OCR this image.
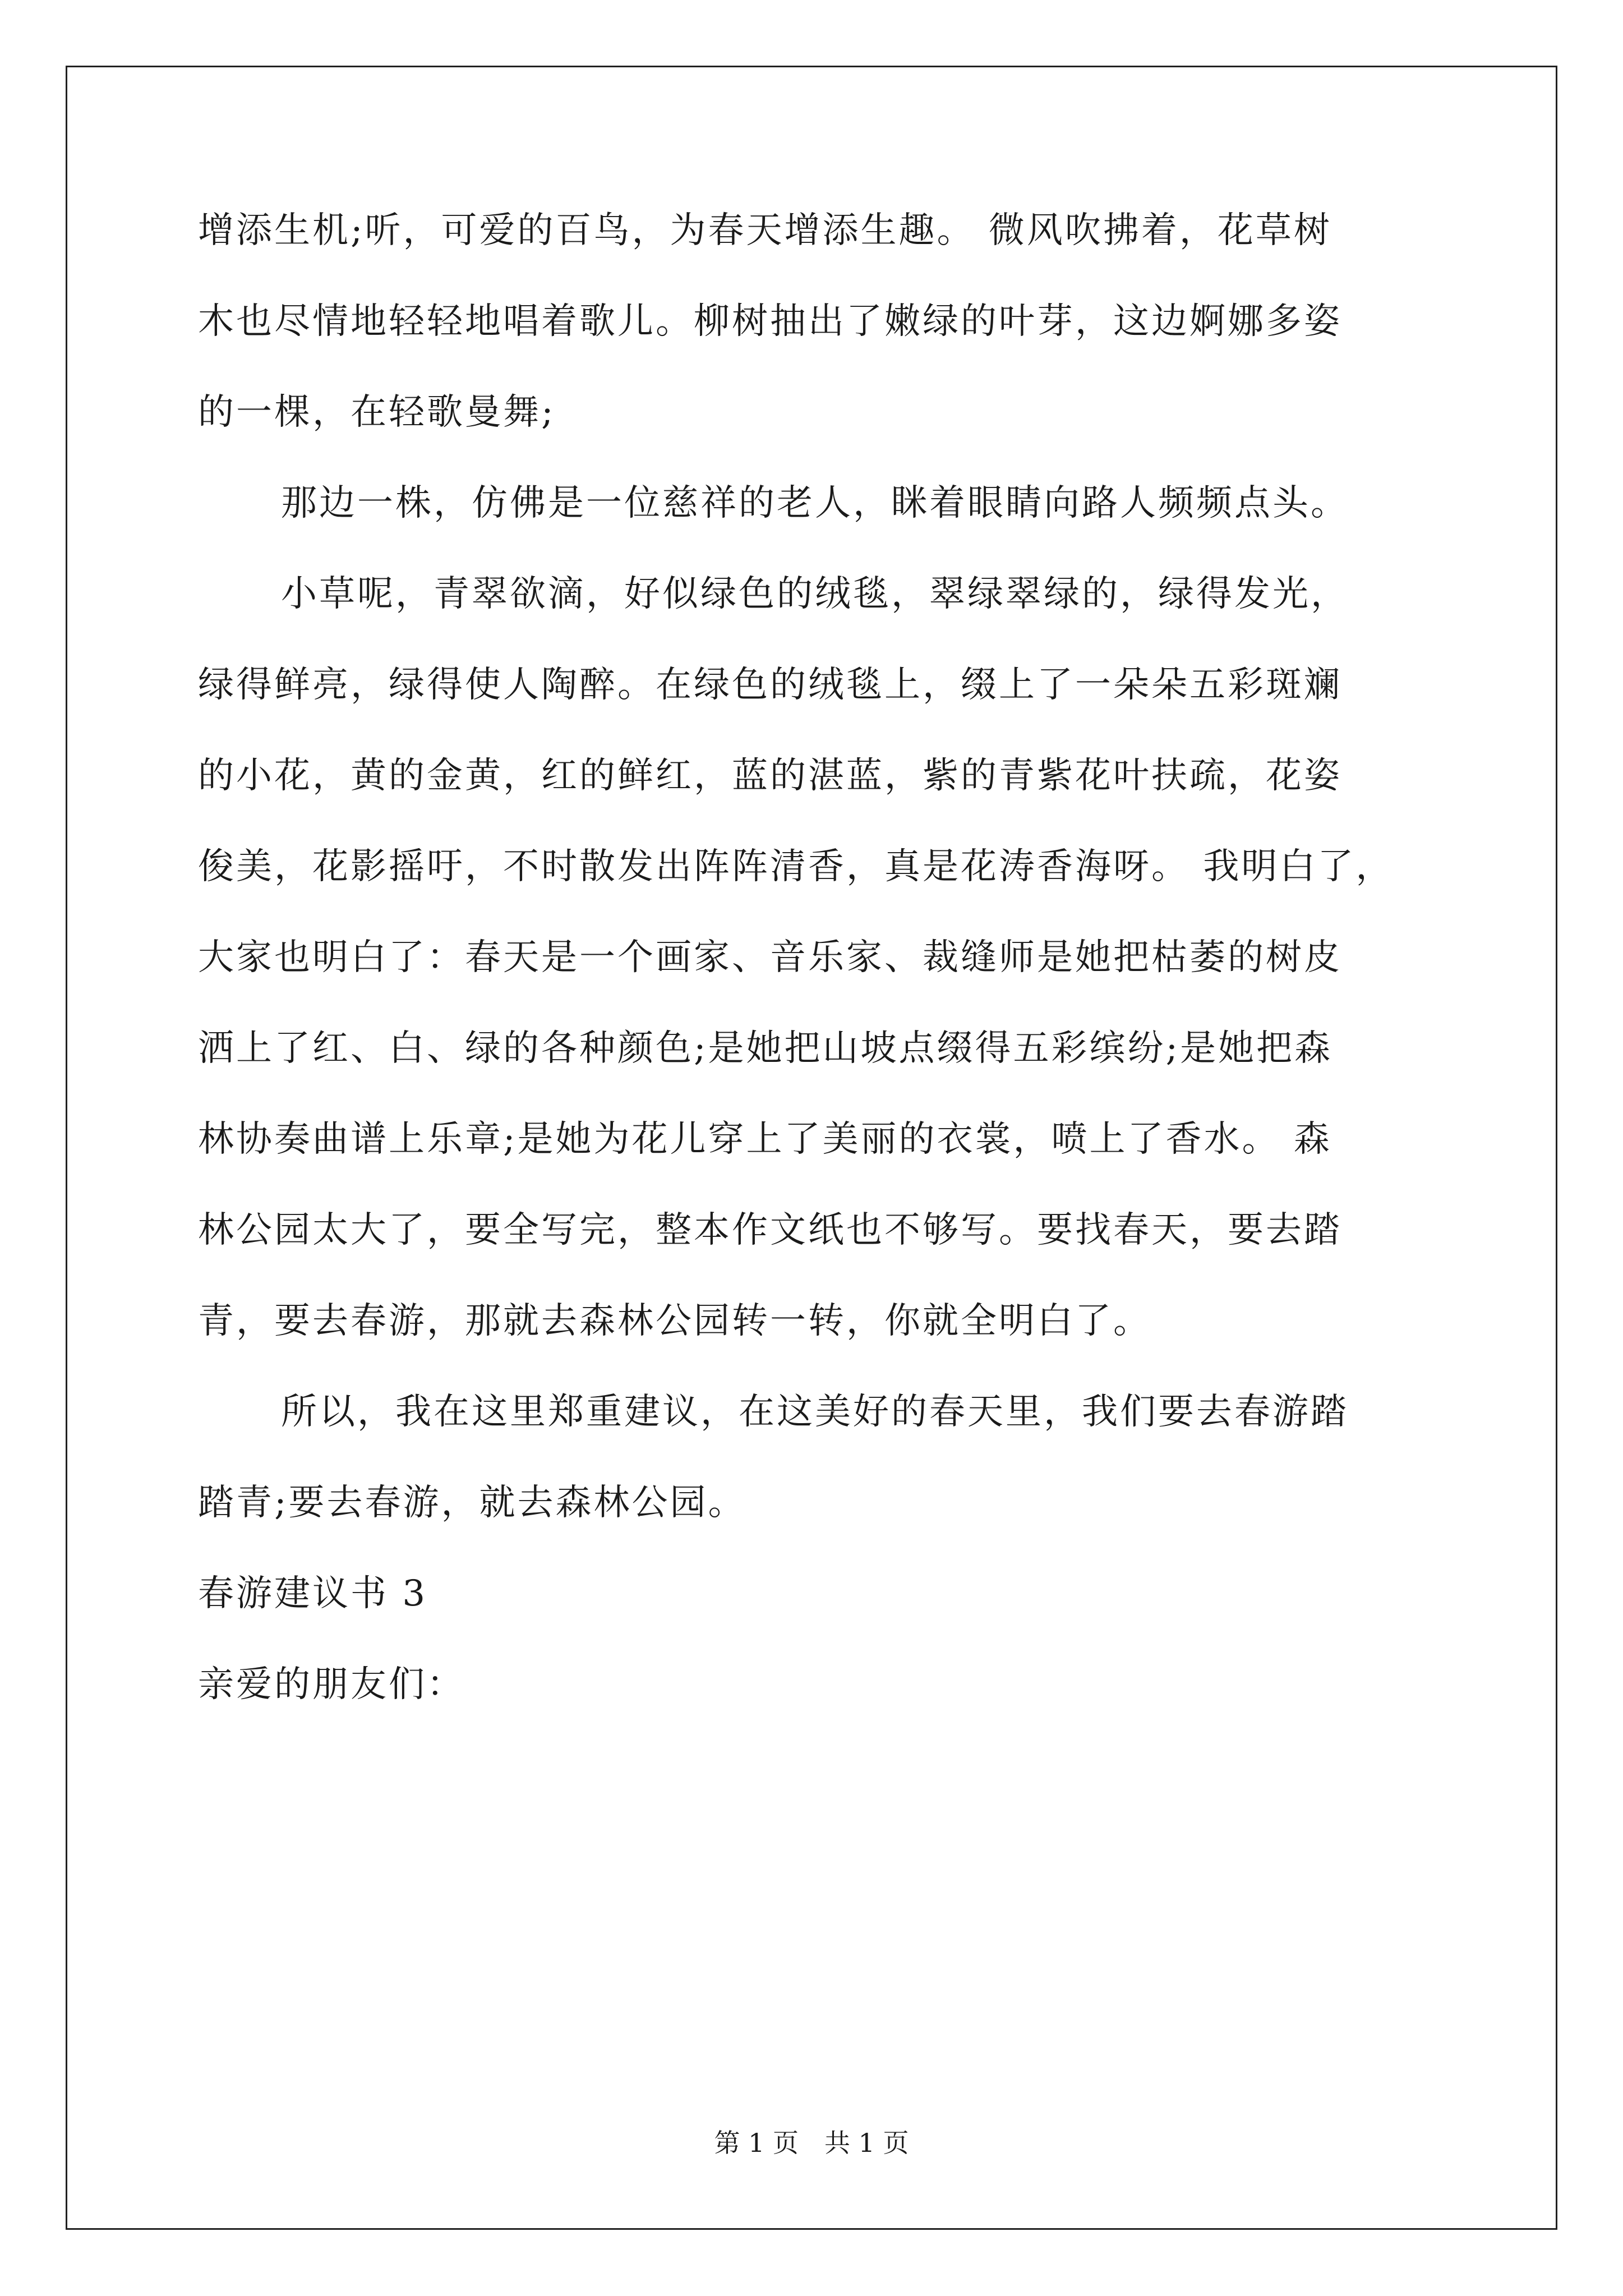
增添生机;听，可爱的百鸟，为春天增添生趣。 微风吹拂着，花草树
木也尽情地轻轻地唱着歌儿。柳树抽出了嫩绿的叶芽，这边婀娜多姿
的一棵，在轻歌曼舞;
那边一株，仿佛是一位慈祥的老人，眯着眼睛向路人频频点头。
小草呢，青翠欲滴，好似绿色的绒毯，翠绿翠绿的，绿得发光，
绿得鲜亮，绿得使人陶醉。在绿色的绒毯上，缀上了一朵朵五彩斑斓
的小花，黄的金黄，红的鲜红，蓝的湛蓝，紫的青紫花叶扶疏，花姿
俊美，花影摇吁，不时散发出阵阵清香，真是花涛香海呀。 我明白了，
大家也明白了：春天是一个画家、音乐家、裁缝师是她把枯萎的树皮
洒上了红、白、绿的各种颜色;是她把山坡点缀得五彩缤纷;是她把森
林协奏曲谱上乐章;是她为花儿穿上了美丽的衣裳，喷上了香水。 森
林公园太大了，要全写完，整本作文纸也不够写。要找春天，要去踏
青，要去春游，那就去森林公园转一转，你就全明白了。
所以，我在这里郑重建议，在这美好的春天里，我们要去春游踏
踏青;要去春游，就去森林公园。
春游建议书 3
亲爱的朋友们：
第 1 页　共 1 页
